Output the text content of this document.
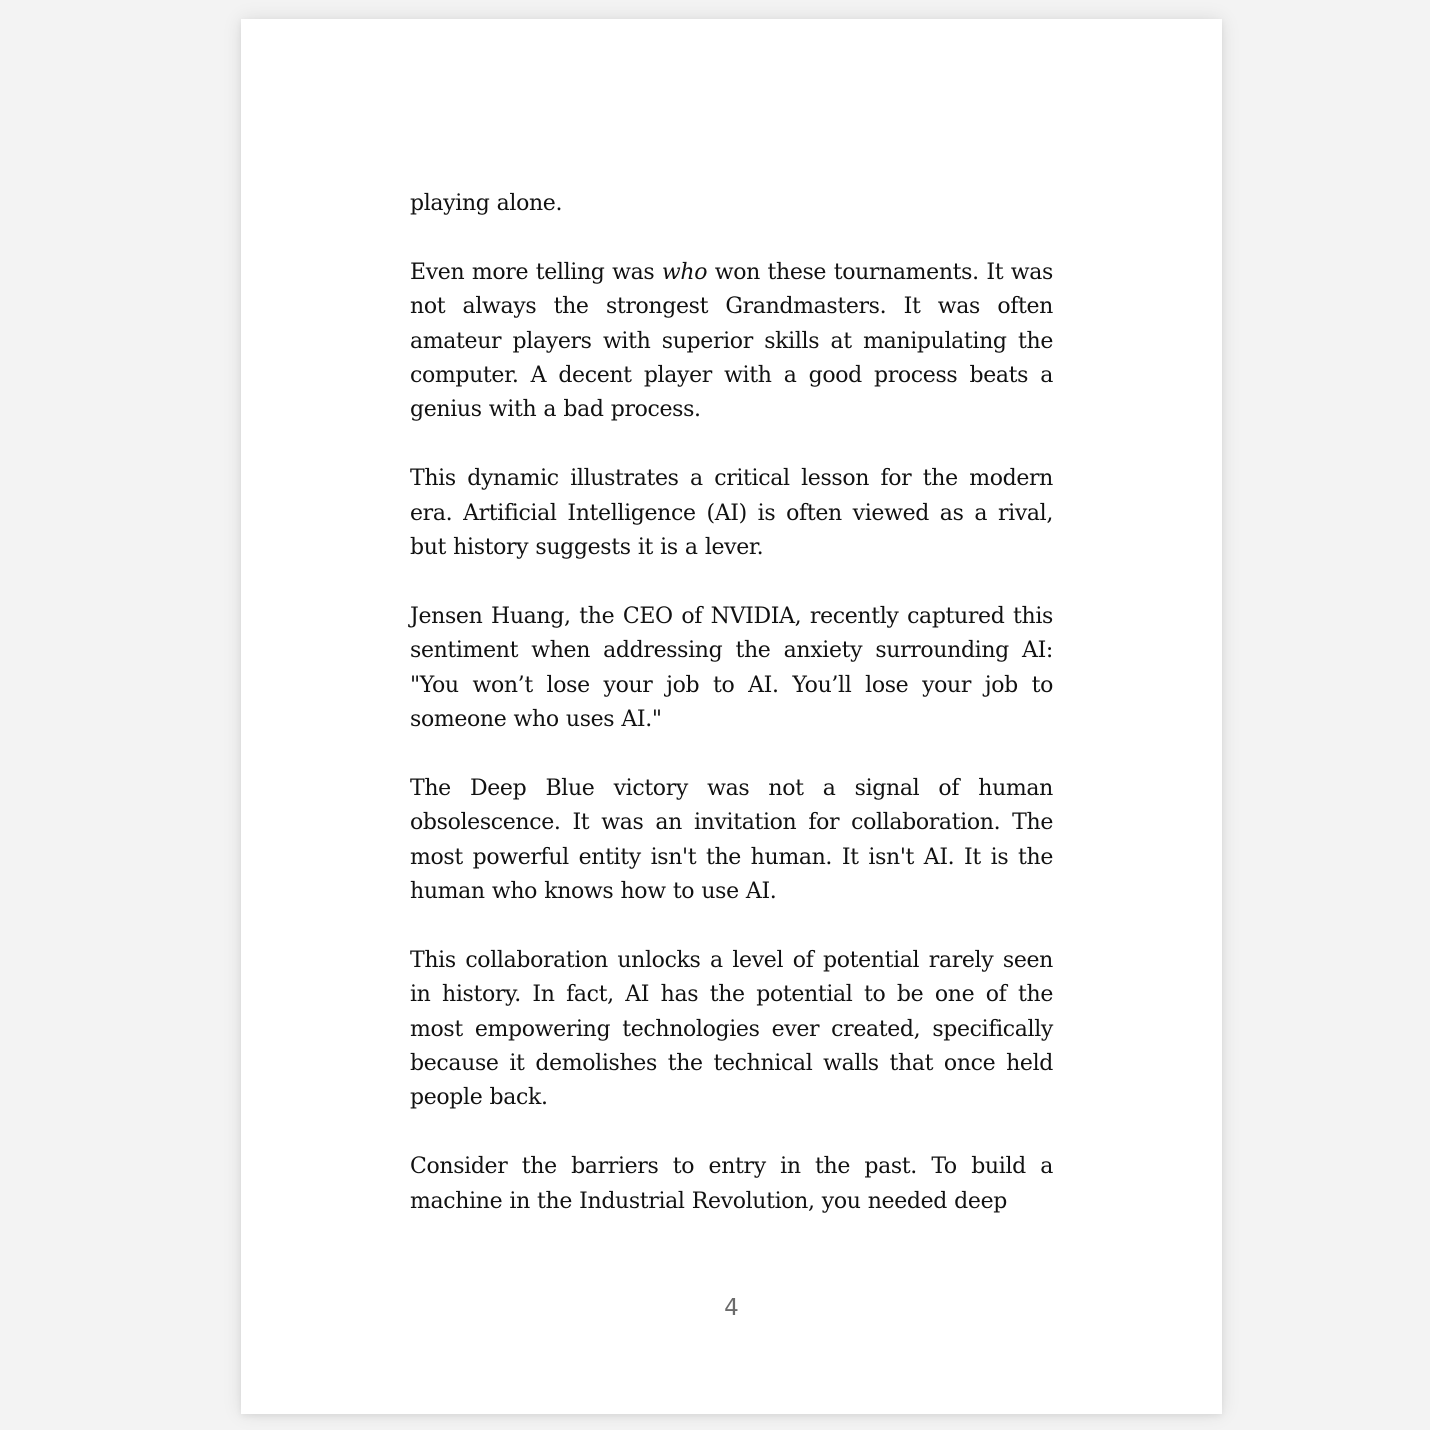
playing alone.

Even more telling was who won these tournaments. It was not always the strongest Grandmasters. It was often amateur players with superior skills at manipulating the computer. A decent player with a good process beats a genius with a bad process.

This dynamic illustrates a critical lesson for the modern era. Artificial Intelligence (AI) is often viewed as a rival, but history suggests it is a lever.

Jensen Huang, the CEO of NVIDIA, recently captured this sentiment when addressing the anxiety surrounding AI: "You won’t lose your job to AI. You’ll lose your job to someone who uses AI."

The Deep Blue victory was not a signal of human obsolescence. It was an invitation for collaboration. The most powerful entity isn't the human. It isn't AI. It is the human who knows how to use AI.

This collaboration unlocks a level of potential rarely seen in history. In fact, AI has the potential to be one of the most empowering technologies ever created, specifically because it demolishes the technical walls that once held people back.

Consider the barriers to entry in the past. To build a machine in the Industrial Revolution, you needed deep

4
